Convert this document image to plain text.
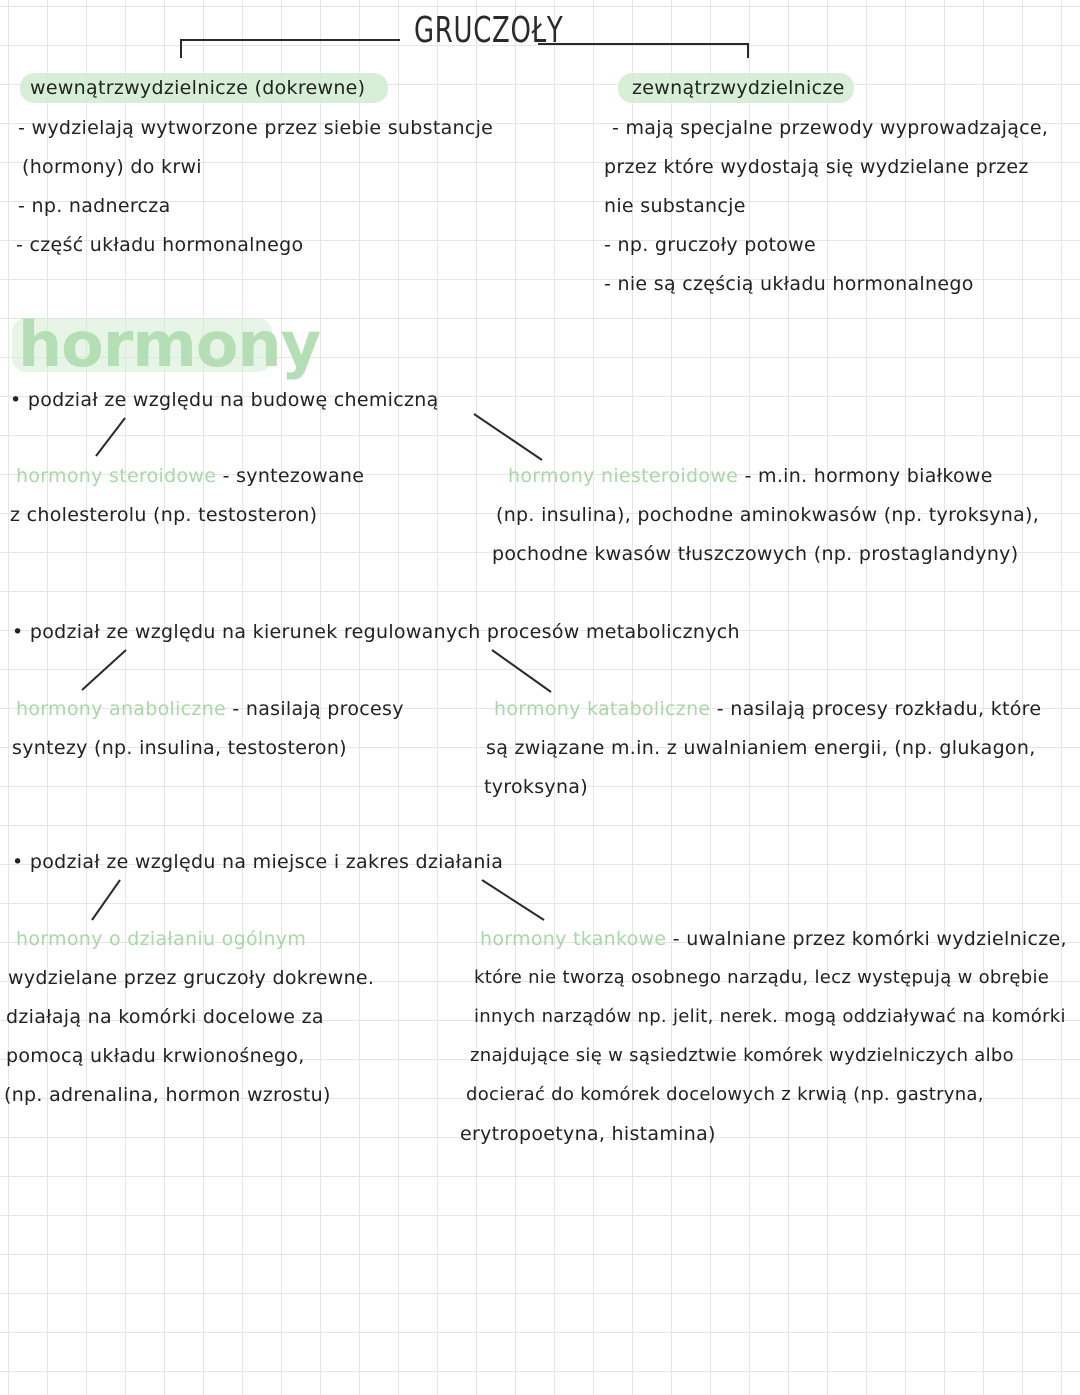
GRUCZOŁY
wewnątrzwydzielnicze (dokrewne)
- wydzielają wytworzone przez siebie substancje
(hormony) do krwi
- np. nadnercza
- część układu hormonalnego
zewnątrzwydzielnicze
- mają specjalne przewody wyprowadzające,
przez które wydostają się wydzielane przez
nie substancje
- np. gruczoły potowe
- nie są częścią układu hormonalnego
hormony
• podział ze względu na budowę chemiczną
hormony steroidowe - syntezowane
z cholesterolu (np. testosteron)
hormony niesteroidowe - m.in. hormony białkowe
(np. insulina), pochodne aminokwasów (np. tyroksyna),
pochodne kwasów tłuszczowych (np. prostaglandyny)
• podział ze względu na kierunek regulowanych procesów metabolicznych
hormony anaboliczne - nasilają procesy
syntezy (np. insulina, testosteron)
hormony kataboliczne - nasilają procesy rozkładu, które
są związane m.in. z uwalnianiem energii, (np. glukagon,
tyroksyna)
• podział ze względu na miejsce i zakres działania
hormony o działaniu ogólnym
wydzielane przez gruczoły dokrewne.
działają na komórki docelowe za
pomocą układu krwionośnego,
(np. adrenalina, hormon wzrostu)
hormony tkankowe - uwalniane przez komórki wydzielnicze,
które nie tworzą osobnego narządu, lecz występują w obrębie
innych narządów np. jelit, nerek. mogą oddziaływać na komórki
znajdujące się w sąsiedztwie komórek wydzielniczych albo
docierać do komórek docelowych z krwią (np. gastryna,
erytropoetyna, histamina)
